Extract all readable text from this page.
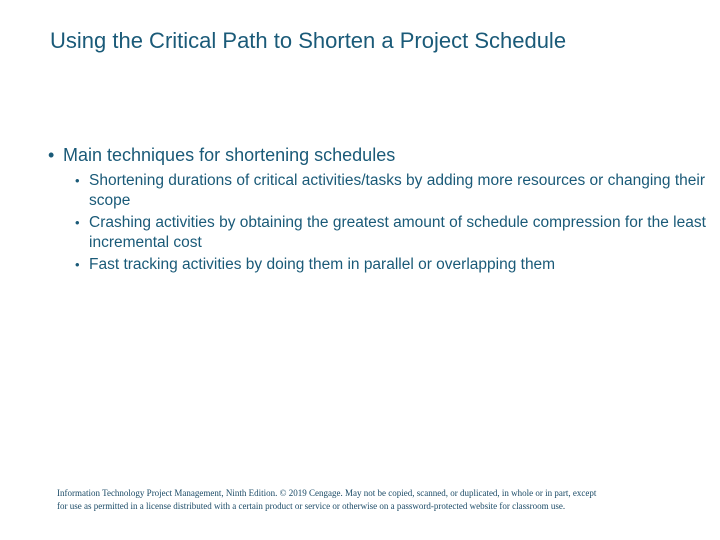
Using the Critical Path to Shorten a Project Schedule
• Main techniques for shortening schedules
• Shortening durations of critical activities/tasks by adding more resources or changing their scope
• Crashing activities by obtaining the greatest amount of schedule compression for the least incremental cost
• Fast tracking activities by doing them in parallel or overlapping them
Information Technology Project Management, Ninth Edition. © 2019 Cengage. May not be copied, scanned, or duplicated, in whole or in part, except
for use as permitted in a license distributed with a certain product or service or otherwise on a password-protected website for classroom use.
